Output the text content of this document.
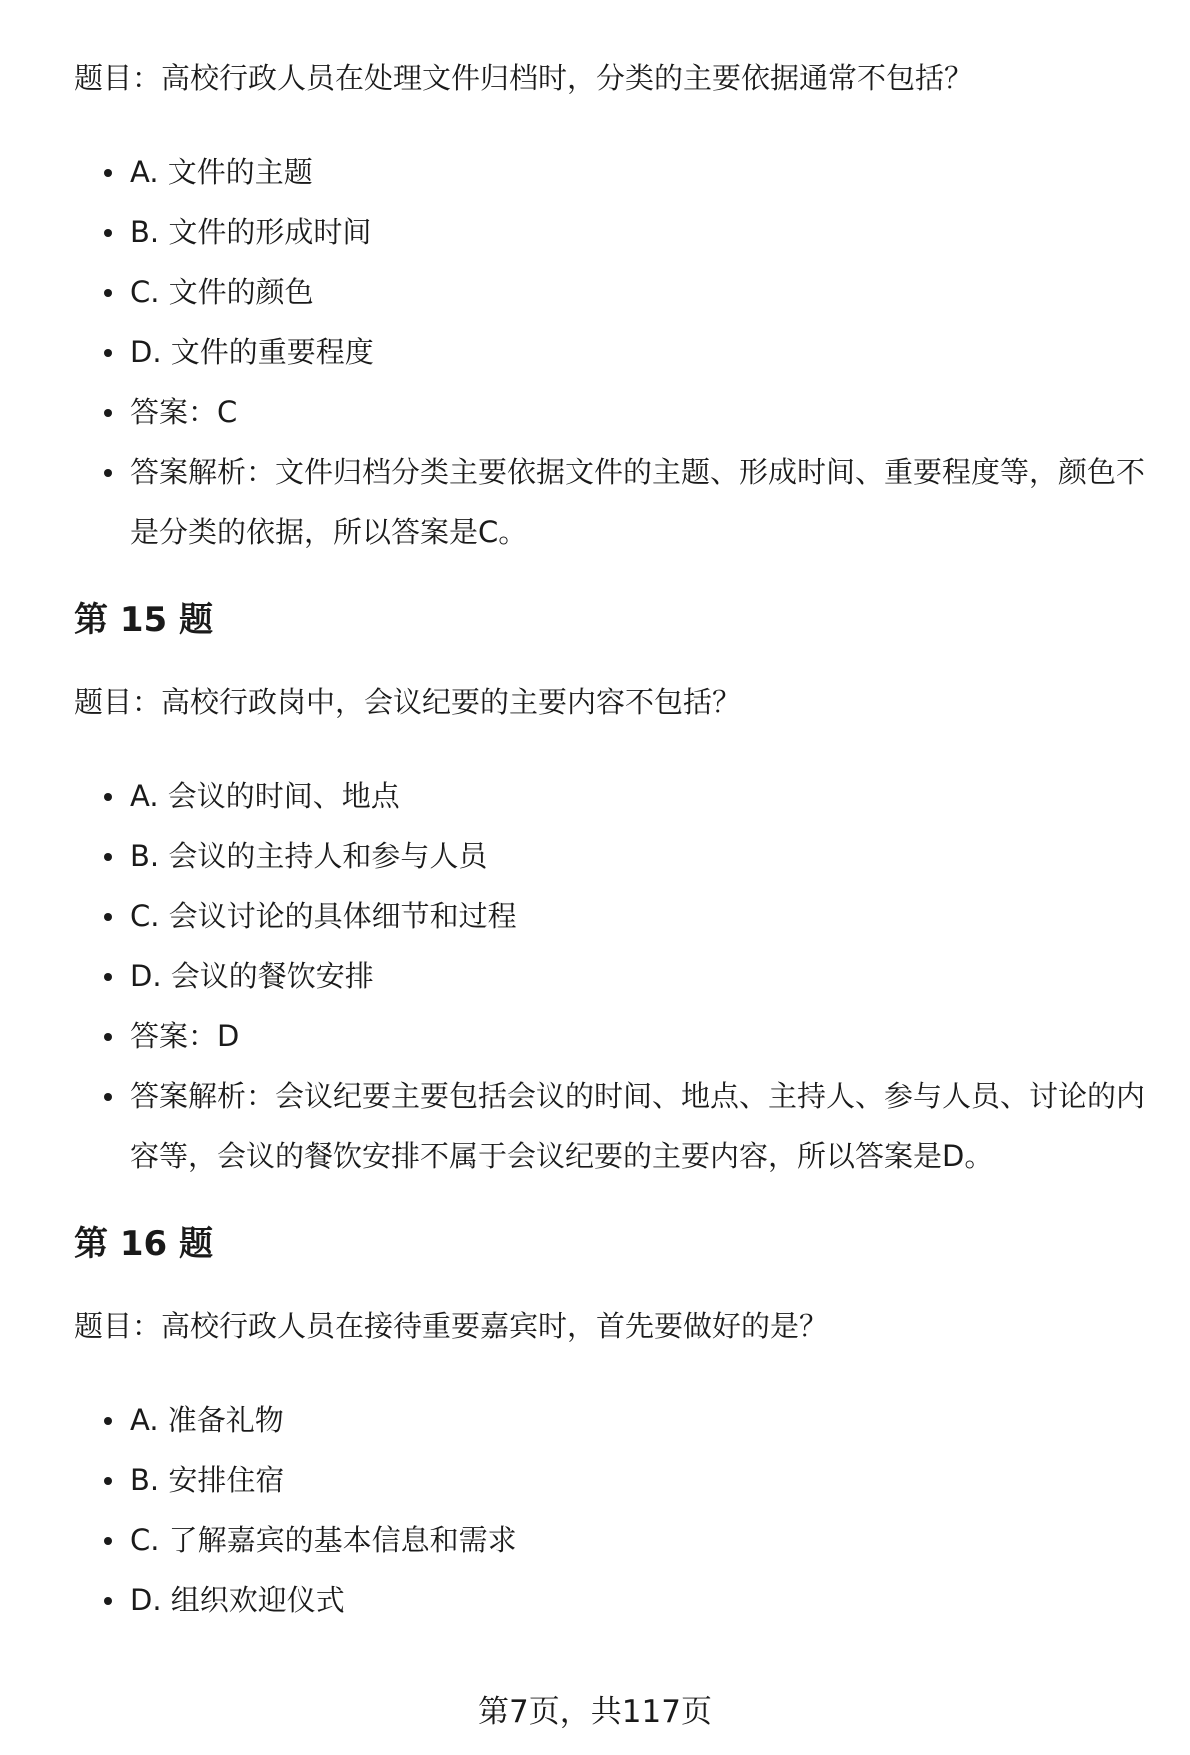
题目：高校行政人员在处理文件归档时，分类的主要依据通常不包括？

A. 文件的主题
B. 文件的形成时间
C. 文件的颜色
D. 文件的重要程度
答案：C
答案解析：文件归档分类主要依据文件的主题、形成时间、重要程度等，颜色不是分类的依据，所以答案是C。
第 15 题

题目：高校行政岗中，会议纪要的主要内容不包括？

A. 会议的时间、地点
B. 会议的主持人和参与人员
C. 会议讨论的具体细节和过程
D. 会议的餐饮安排
答案：D
答案解析：会议纪要主要包括会议的时间、地点、主持人、参与人员、讨论的内容等，会议的餐饮安排不属于会议纪要的主要内容，所以答案是D。
第 16 题

题目：高校行政人员在接待重要嘉宾时，首先要做好的是？

A. 准备礼物
B. 安排住宿
C. 了解嘉宾的基本信息和需求
D. 组织欢迎仪式
第7页，共117页
